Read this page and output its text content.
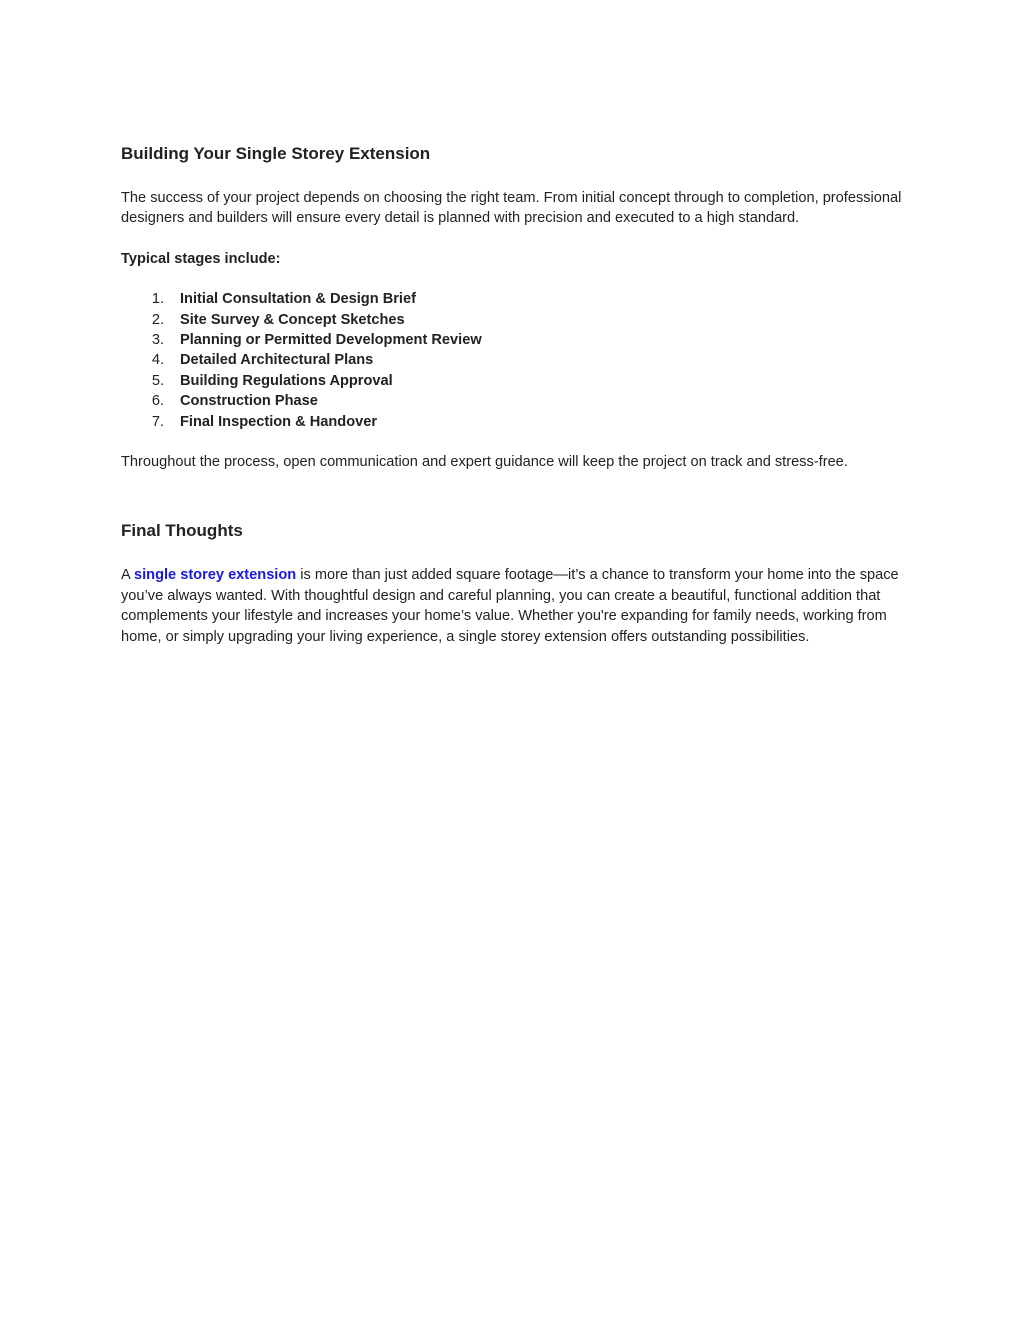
Building Your Single Storey Extension

The success of your project depends on choosing the right team. From initial concept through to completion, professional designers and builders will ensure every detail is planned with precision and executed to a high standard.

Typical stages include:

1.	Initial Consultation & Design Brief
2.	Site Survey & Concept Sketches
3.	Planning or Permitted Development Review
4.	Detailed Architectural Plans
5.	Building Regulations Approval
6.	Construction Phase
7.	Final Inspection & Handover

Throughout the process, open communication and expert guidance will keep the project on track and stress-free.

Final Thoughts

A single storey extension is more than just added square footage—it’s a chance to transform your home into the space you’ve always wanted. With thoughtful design and careful planning, you can create a beautiful, functional addition that complements your lifestyle and increases your home’s value. Whether you're expanding for family needs, working from home, or simply upgrading your living experience, a single storey extension offers outstanding possibilities.
